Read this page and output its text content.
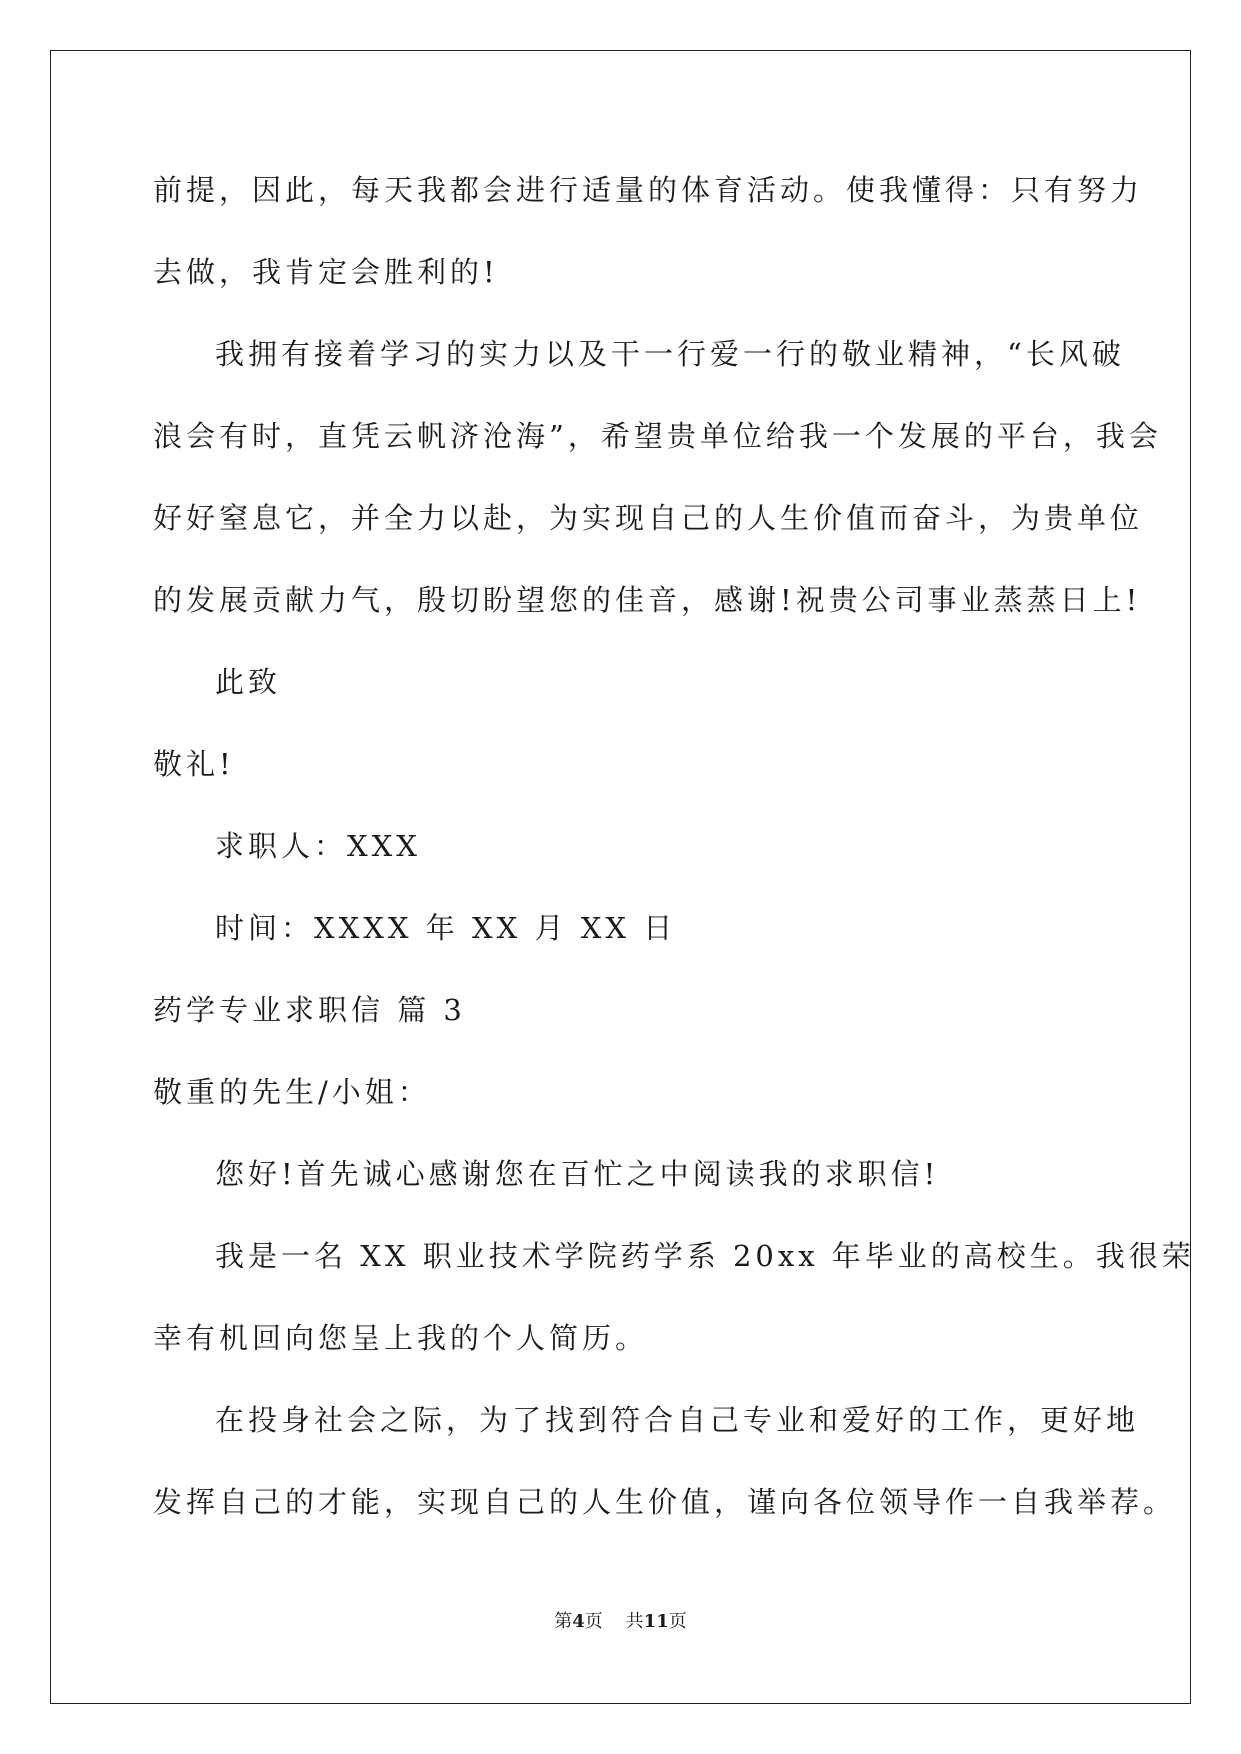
前提，因此，每天我都会进行适量的体育活动。使我懂得：只有努力
去做，我肯定会胜利的!
我拥有接着学习的实力以及干一行爱一行的敬业精神，“长风破
浪会有时，直凭云帆济沧海”，希望贵单位给我一个发展的平台，我会
好好窒息它，并全力以赴，为实现自己的人生价值而奋斗，为贵单位
的发展贡献力气，殷切盼望您的佳音，感谢!祝贵公司事业蒸蒸日上!
此致
敬礼!
求职人：XXX
时间：XXXX 年 XX 月 XX 日
药学专业求职信 篇 3
敬重的先生/小姐：
您好!首先诚心感谢您在百忙之中阅读我的求职信!
我是一名 XX 职业技术学院药学系 20xx 年毕业的高校生。我很荣
幸有机回向您呈上我的个人简历。
在投身社会之际，为了找到符合自己专业和爱好的工作，更好地
发挥自己的才能，实现自己的人生价值，谨向各位领导作一自我举荐。
第4页 共11页
